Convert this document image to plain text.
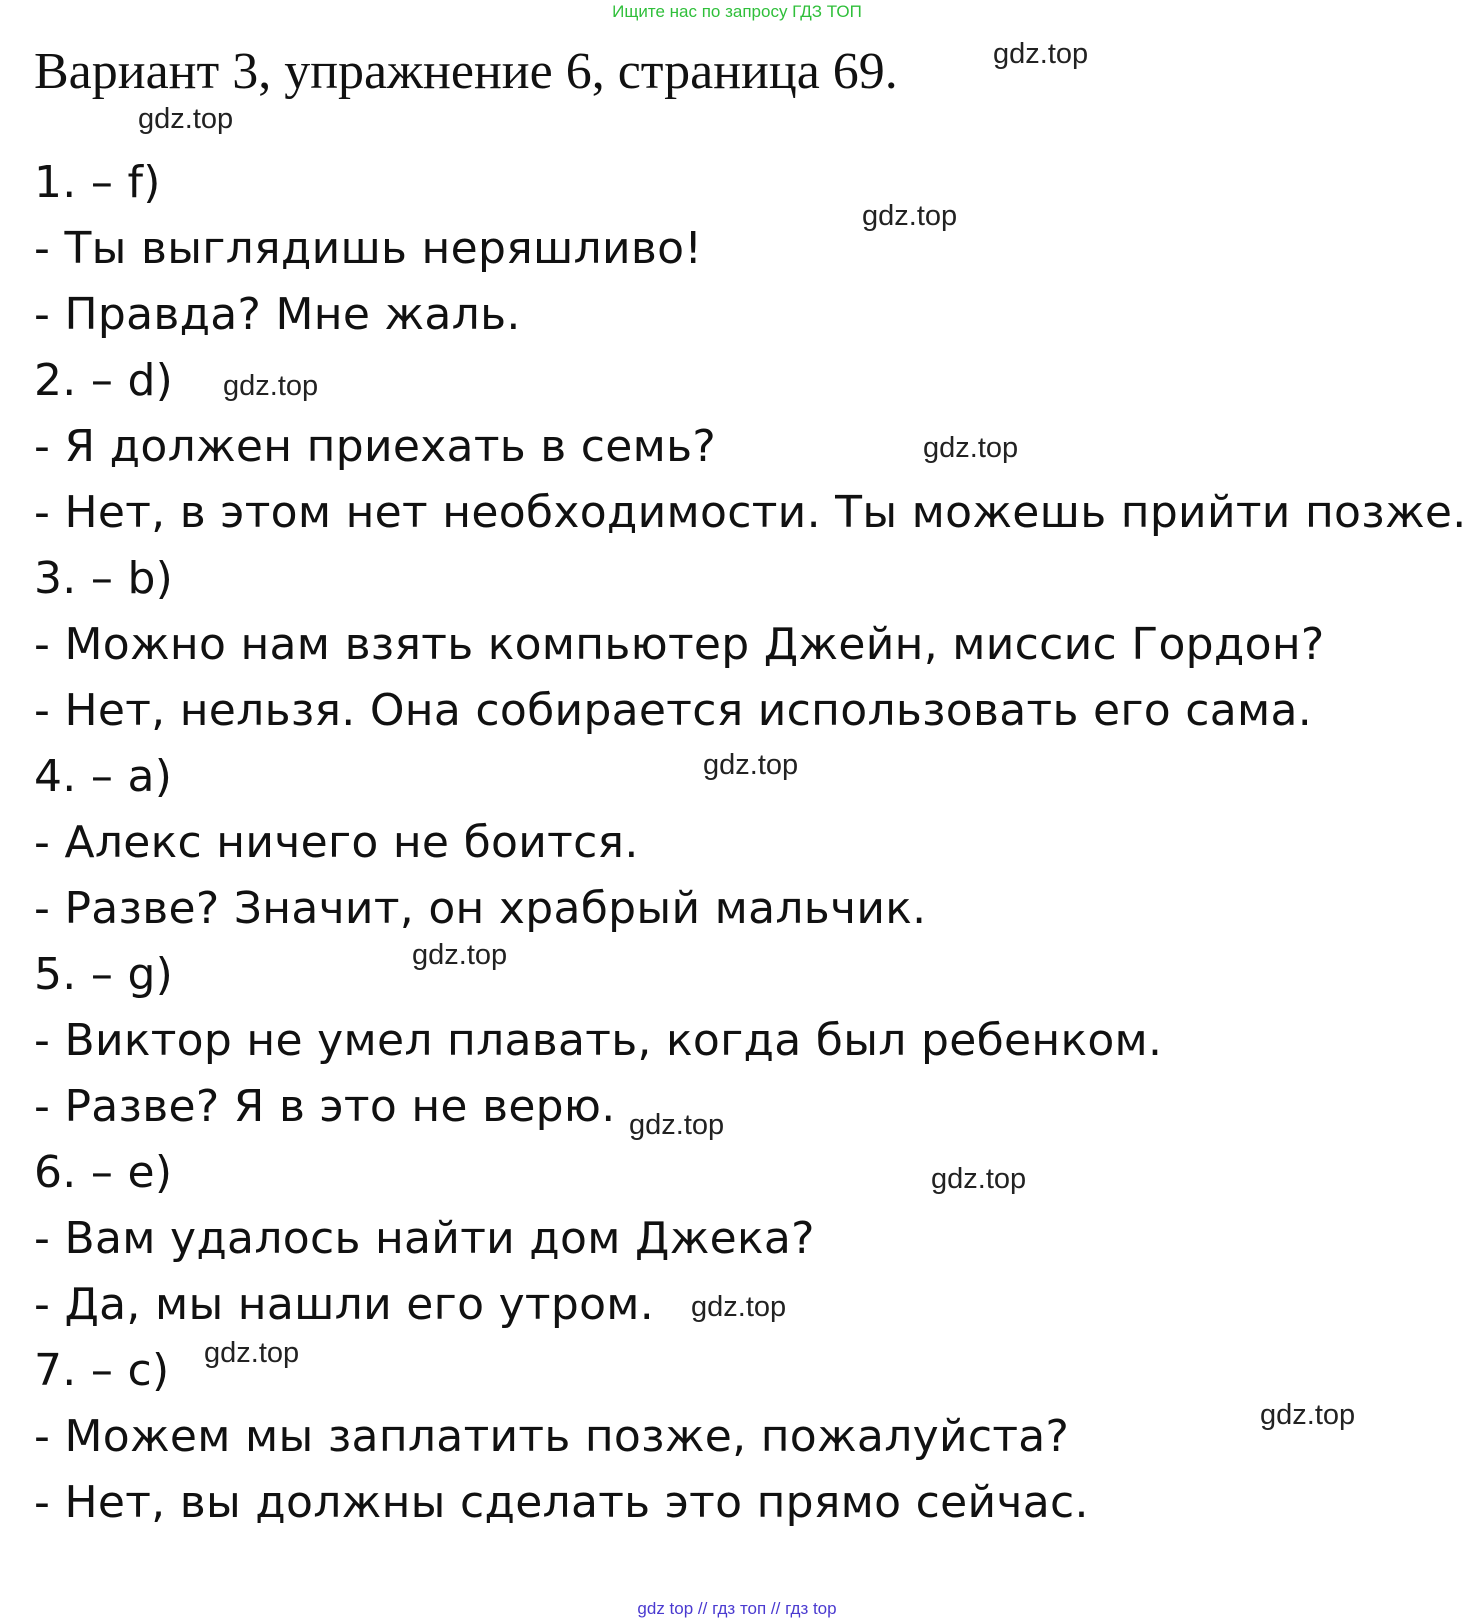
Ищите нас по запросу ГДЗ ТОП
Вариант 3, упражнение 6, страница 69.
1. – f)
- Ты выглядишь неряшливо!
- Правда? Мне жаль.
2. – d)
- Я должен приехать в семь?
- Нет, в этом нет необходимости. Ты можешь прийти позже.
3. – b)
- Можно нам взять компьютер Джейн, миссис Гордон?
- Нет, нельзя. Она собирается использовать его сама.
4. – a)
- Алекс ничего не боится.
- Разве? Значит, он храбрый мальчик.
5. – g)
- Виктор не умел плавать, когда был ребенком.
- Разве? Я в это не верю.
6. – e)
- Вам удалось найти дом Джека?
- Да, мы нашли его утром.
7. – c)
- Можем мы заплатить позже, пожалуйста?
- Нет, вы должны сделать это прямо сейчас.
gdz.top
gdz.top
gdz.top
gdz.top
gdz.top
gdz.top
gdz.top
gdz.top
gdz.top
gdz.top
gdz.top
gdz.top
gdz top // гдз топ // гдз top
